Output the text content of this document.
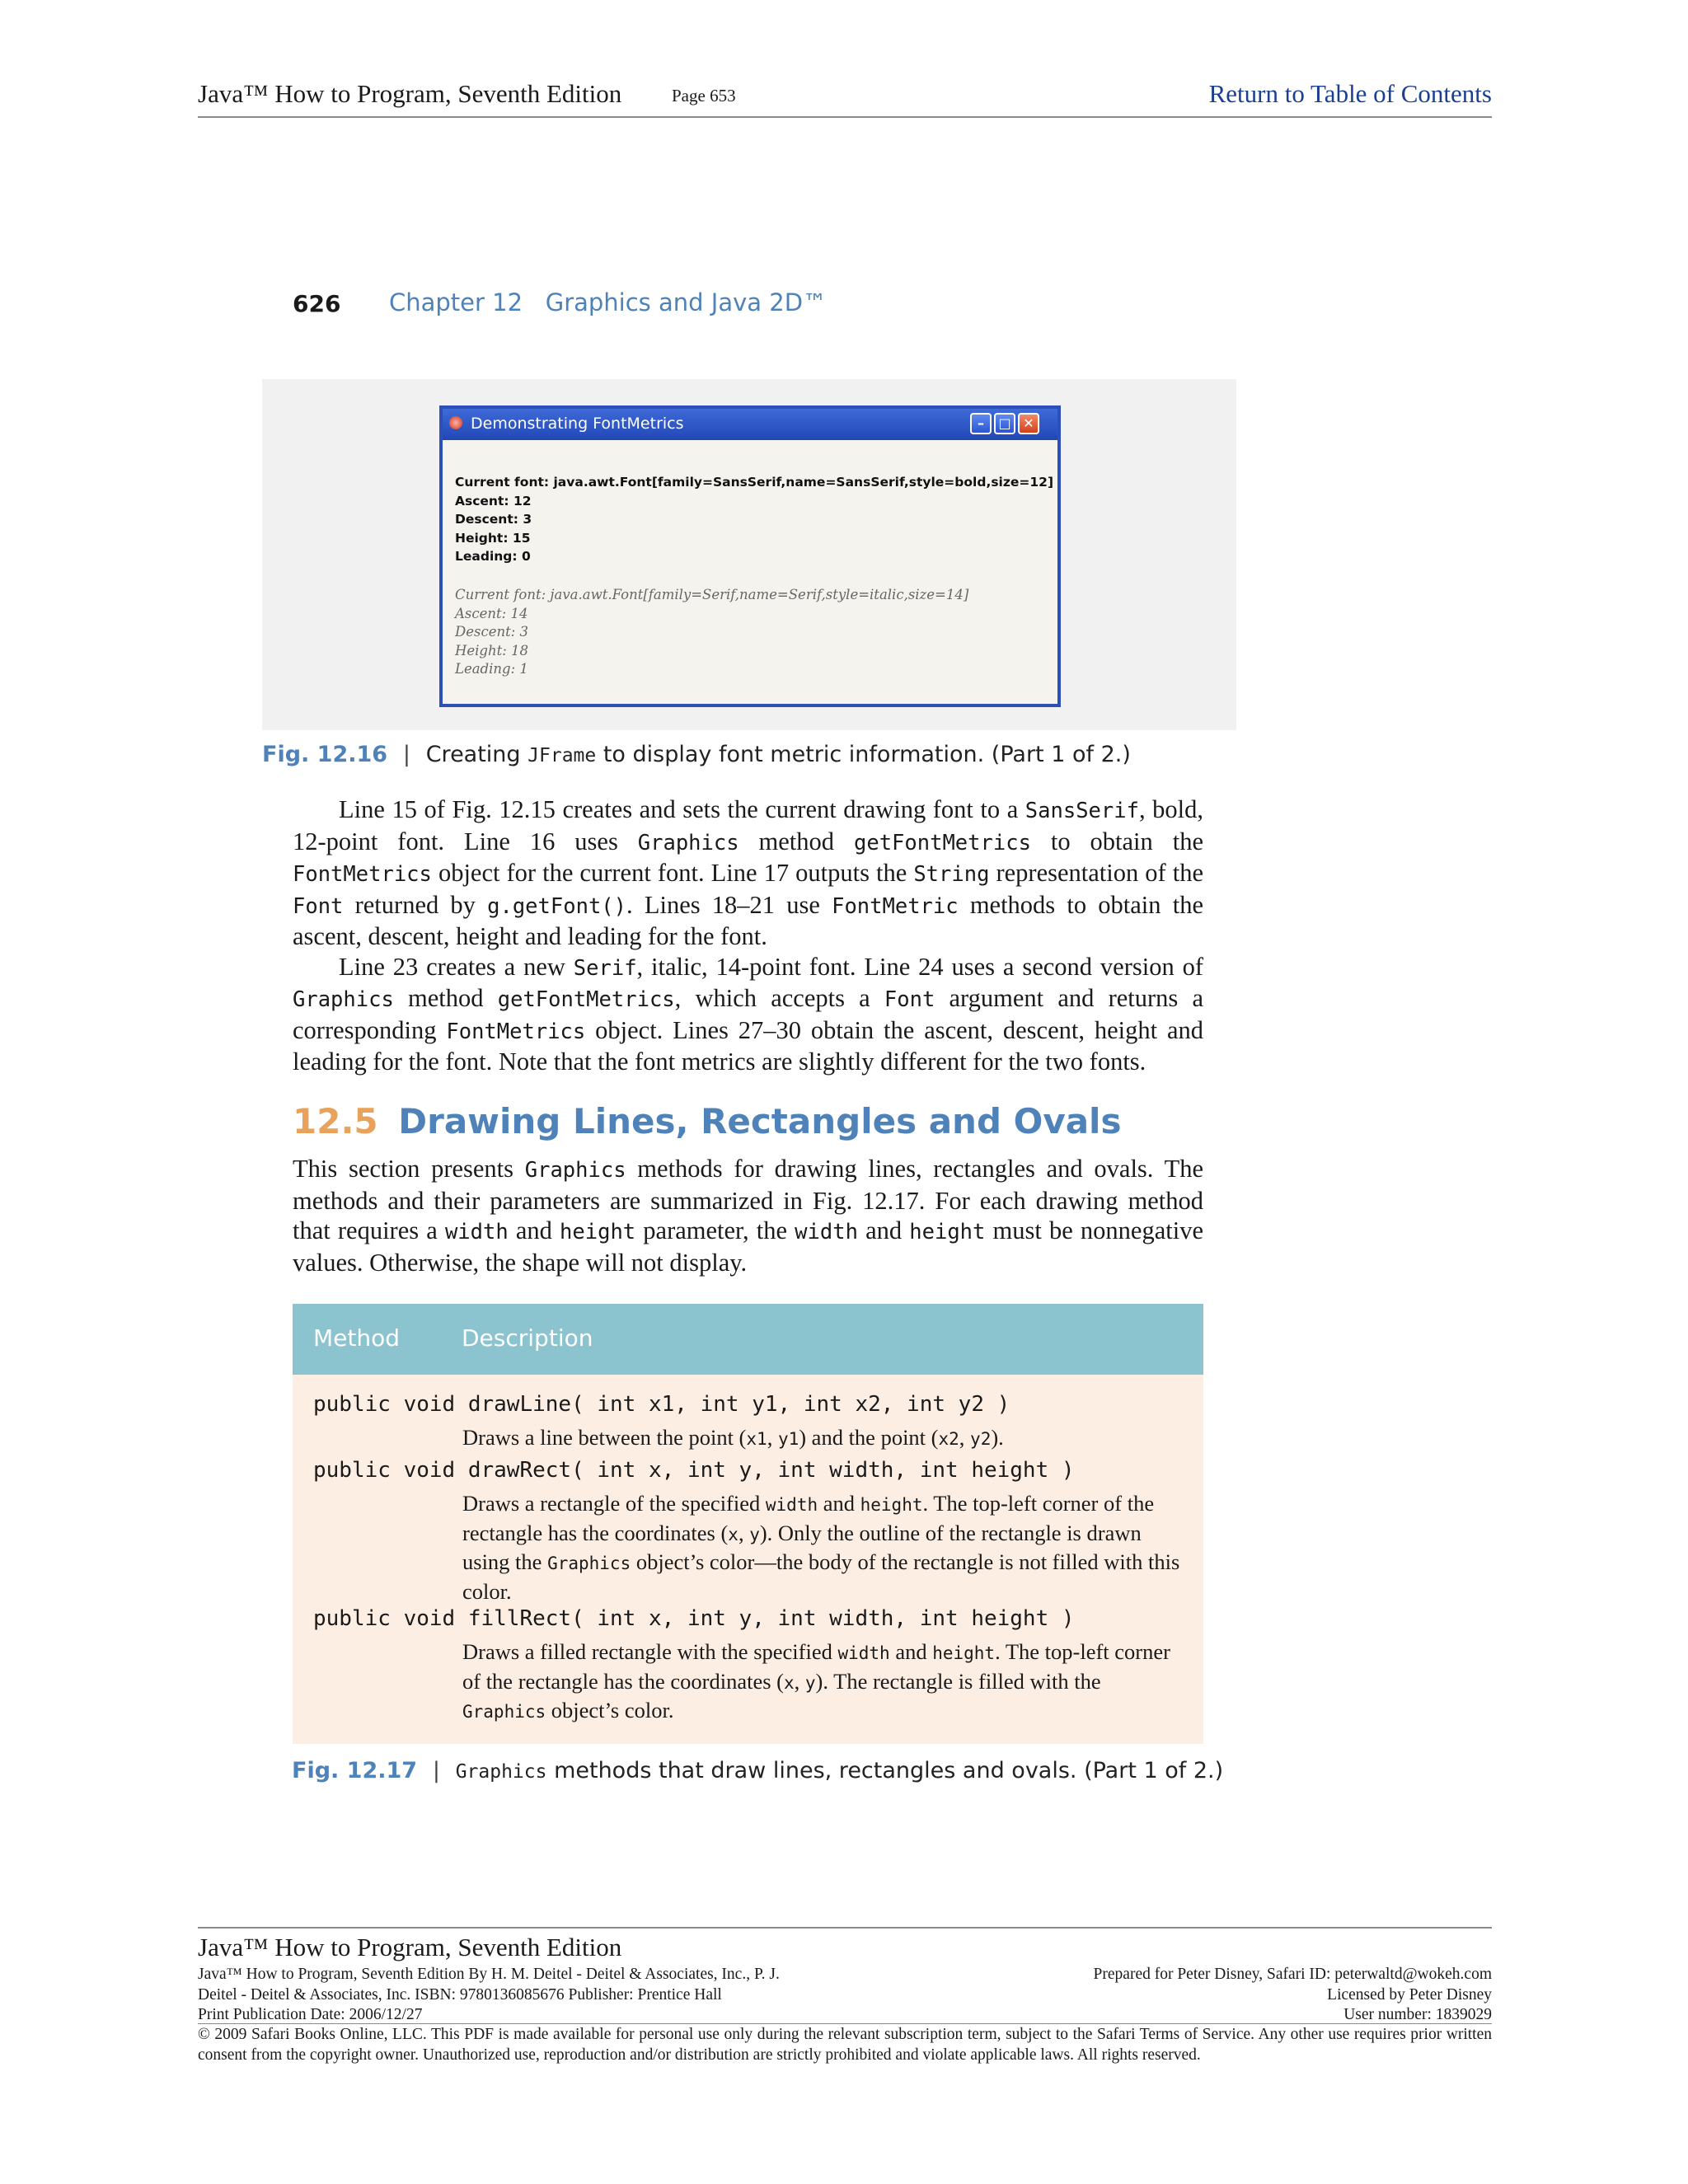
Java™ How to Program, Seventh Edition	Page 653	Return to Table of Contents
626 Chapter 12   Graphics and Java 2D™
Demonstrating FontMetrics	–	□ ✕
Current font: java.awt.Font[family=SansSerif,name=SansSerif,style=bold,size=12]
Ascent: 12
Descent: 3
Height: 15
Leading: 0
Current font: java.awt.Font[family=Serif,name=Serif,style=italic,size=14]
Ascent: 14
Descent: 3
Height: 18
Leading: 1
Fig. 12.16 | Creating JFrame to display font metric information. (Part 1 of 2.)

Line 15 of Fig. 12.15 creates and sets the current drawing font to a SansSerif, bold, 12-point font. Line 16 uses Graphics method getFontMetrics to obtain the FontMetrics object for the current font. Line 17 outputs the String representation of the Font returned by g.getFont(). Lines 18–21 use FontMetric methods to obtain the ascent, descent, height and leading for the font.

Line 23 creates a new Serif, italic, 14-point font. Line 24 uses a second version of Graphics method getFontMetrics, which accepts a Font argument and returns a corresponding FontMetrics object. Lines 27–30 obtain the ascent, descent, height and leading for the font. Note that the font metrics are slightly different for the two fonts.

12.5 Drawing Lines, Rectangles and Ovals

This section presents Graphics methods for drawing lines, rectangles and ovals. The methods and their parameters are summarized in Fig. 12.17. For each drawing method that requires a width and height parameter, the width and height must be nonnegative values. Otherwise, the shape will not display.

Method	Description
public void drawLine( int x1, int y1, int x2, int y2 )
Draws a line between the point (x1, y1) and the point (x2, y2).
public void drawRect( int x, int y, int width, int height )
Draws a rectangle of the specified width and height. The top-left corner of the rectangle has the coordinates (x, y). Only the outline of the rectangle is drawn using the Graphics object’s color—the body of the rectangle is not filled with this color.
public void fillRect( int x, int y, int width, int height )
Draws a filled rectangle with the specified width and height. The top-left corner of the rectangle has the coordinates (x, y). The rectangle is filled with the Graphics object’s color.
Fig. 12.17 | Graphics methods that draw lines, rectangles and ovals. (Part 1 of 2.)
Java™ How to Program, Seventh Edition
Java™ How to Program, Seventh Edition By H. M. Deitel - Deitel & Associates, Inc., P. J.
Deitel - Deitel & Associates, Inc. ISBN: 9780136085676 Publisher: Prentice Hall
Print Publication Date: 2006/12/27
Prepared for Peter Disney, Safari ID: peterwaltd@wokeh.com
Licensed by Peter Disney
User number: 1839029
© 2009 Safari Books Online, LLC. This PDF is made available for personal use only during the relevant subscription term, subject to the Safari Terms of Service. Any other use requires prior written consent from the copyright owner. Unauthorized use, reproduction and/or distribution are strictly prohibited and violate applicable laws. All rights reserved.
